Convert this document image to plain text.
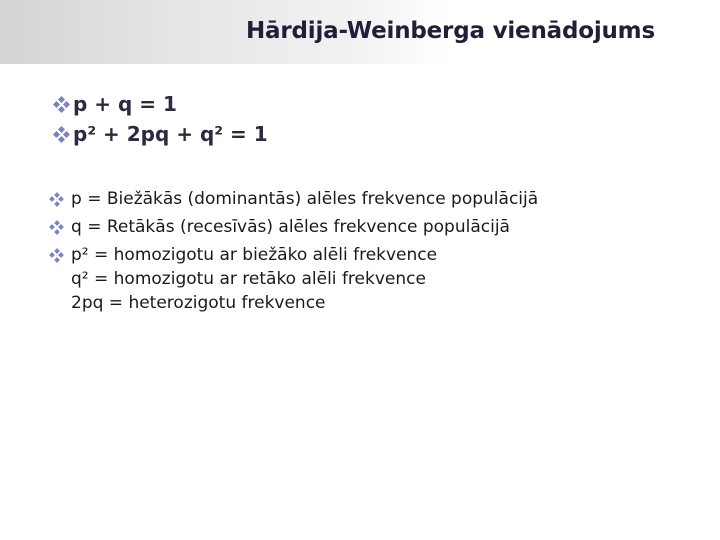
Hārdija-Weinberga vienādojums
p + q = 1
p² + 2pq + q² = 1
p = Biežākās (dominantās) alēles frekvence populācijā
q = Retākās (recesīvās) alēles frekvence populācijā
p² = homozigotu ar biežāko alēli frekvence
q² = homozigotu ar retāko alēli frekvence
2pq = heterozigotu frekvence
